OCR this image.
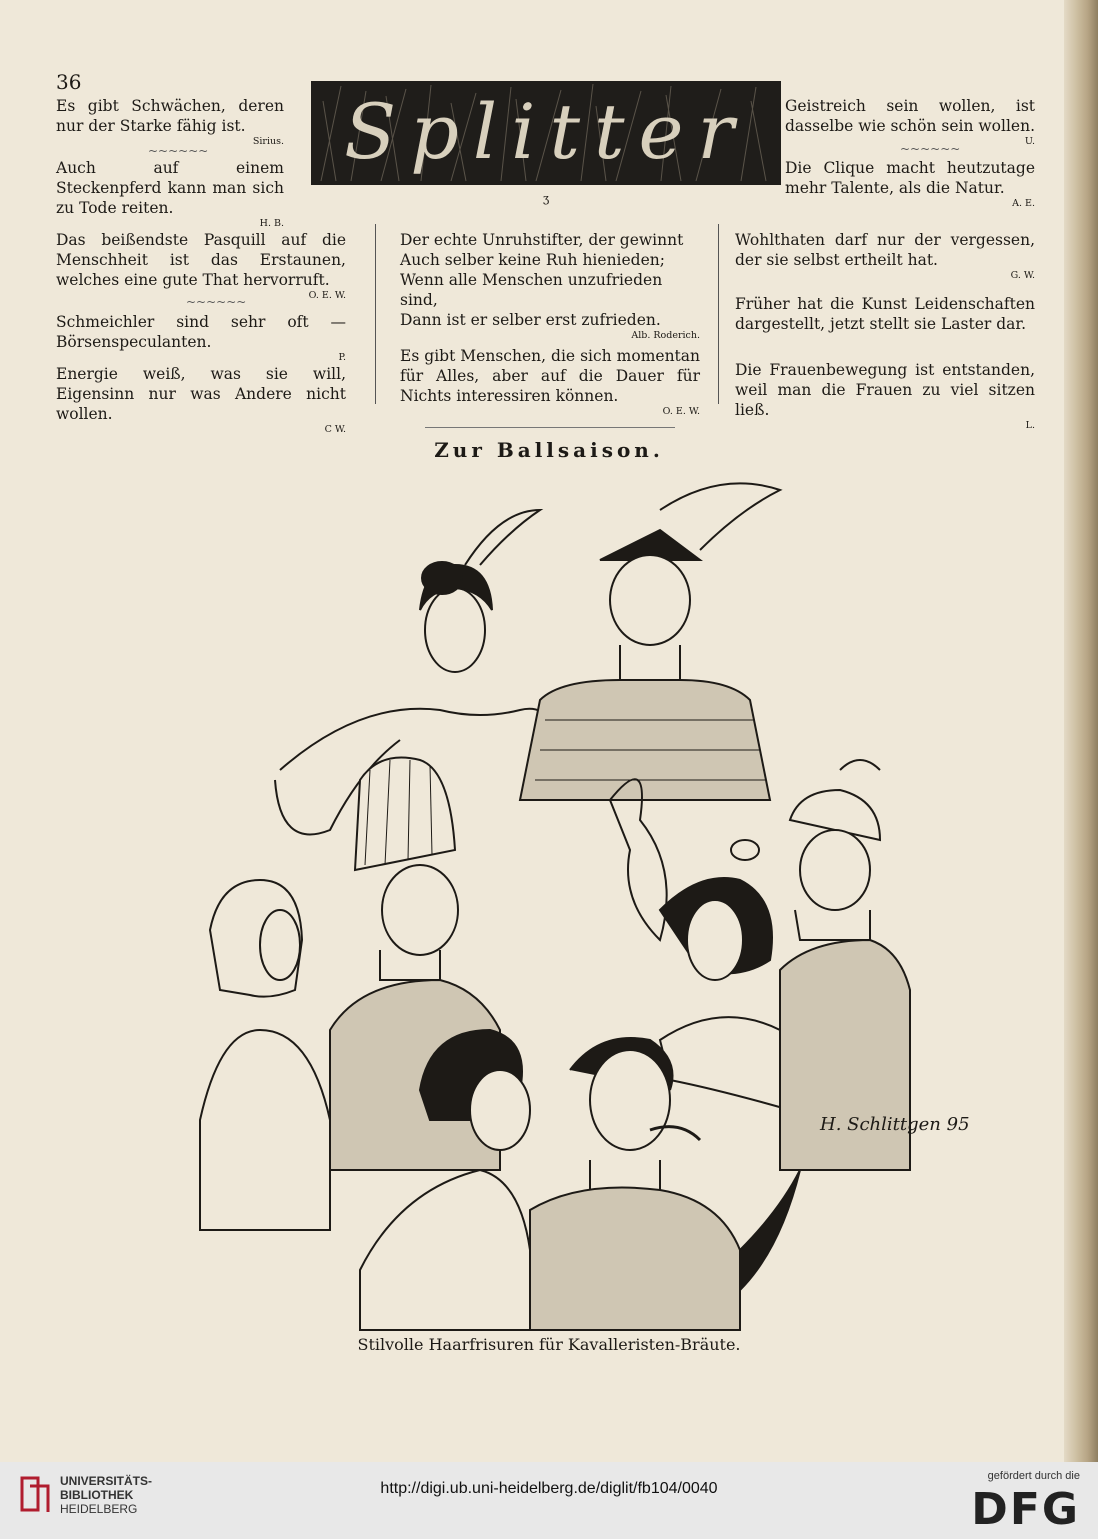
36

Es gibt Schwächen, deren nur der Starke fähig ist.

Sirius.
~~~~~~

Auch auf einem Steckenpferd kann man sich zu Tode reiten.

H. B.
Splitter
ʒ

Geistreich sein wollen, ist dasselbe wie schön sein wollen.

U.
~~~~~~

Die Clique macht heutzutage mehr Talente, als die Natur.

A. E.

Das beißendste Pasquill auf die Menschheit ist das Erstaunen, welches eine gute That hervorruft.

O. E. W.
~~~~~~

Schmeichler sind sehr oft — Börsenspeculanten.

P.

Energie weiß, was sie will, Eigensinn nur was Andere nicht wollen.

C W.

Der echte Unruhstifter, der gewinnt

Auch selber keine Ruh hienieden;

Wenn alle Menschen unzufrieden sind,

Dann ist er selber erst zufrieden.

Alb. Roderich.

Es gibt Menschen, die sich momentan für Alles, aber auf die Dauer für Nichts interessiren können.

O. E. W.

Wohlthaten darf nur der vergessen, der sie selbst ertheilt hat.

G. W.

Früher hat die Kunst Leidenschaften dargestellt, jetzt stellt sie Laster dar.

Die Frauenbewegung ist entstanden, weil man die Frauen zu viel sitzen ließ.

L.
Zur Ballsaison.
H. Schlittgen 95
Stilvolle Haarfrisuren für Kavalleristen-Bräute.
UNIVERSITÄTS-
BIBLIOTHEK
HEIDELBERG
http://digi.ub.uni-heidelberg.de/diglit/fb104/0040
gefördert durch die
DFG
